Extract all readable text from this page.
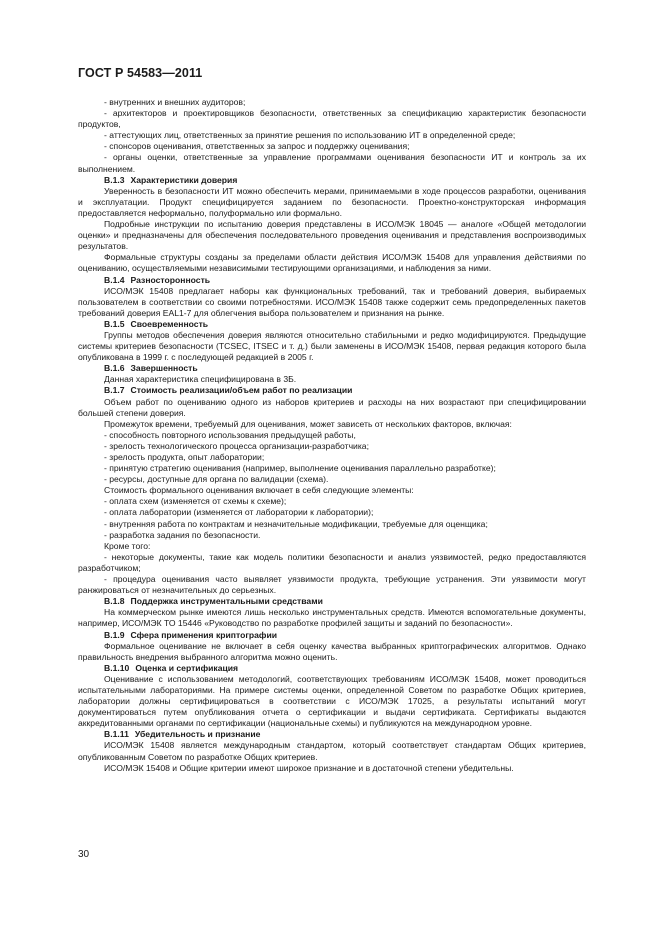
ГОСТ Р 54583—2011
- внутренних и внешних аудиторов;
- архитекторов и проектировщиков безопасности, ответственных за спецификацию характеристик безопасности продуктов,
- аттестующих лиц, ответственных за принятие решения по использованию ИТ в определенной среде;
- спонсоров оценивания, ответственных за запрос и поддержку оценивания;
- органы оценки, ответственные за управление программами оценивания безопасности ИТ и контроль за их выполнением.
B.1.3 Характеристики доверия
Уверенность в безопасности ИТ можно обеспечить мерами, принимаемыми в ходе процессов разработки, оценивания и эксплуатации. Продукт специфицируется заданием по безопасности. Проектно-конструкторская информация предоставляется неформально, полуформально или формально.
Подробные инструкции по испытанию доверия представлены в ИСО/МЭК 18045 — аналоге «Общей методологии оценки» и предназначены для обеспечения последовательного проведения оценивания и представления воспроизводимых результатов.
Формальные структуры созданы за пределами области действия ИСО/МЭК 15408 для управления действиями по оцениванию, осуществляемыми независимыми тестирующими организациями, и наблюдения за ними.
B.1.4 Разносторонность
ИСО/МЭК 15408 предлагает наборы как функциональных требований, так и требований доверия, выбираемых пользователем в соответствии со своими потребностями. ИСО/МЭК 15408 также содержит семь предопределенных пакетов требований доверия EAL1-7 для облегчения выбора пользователем и признания на рынке.
B.1.5 Своевременность
Группы методов обеспечения доверия являются относительно стабильными и редко модифицируются. Предыдущие системы критериев безопасности (TCSEC, ITSEC и т. д.) были заменены в ИСО/МЭК 15408, первая редакция которого была опубликована в 1999 г. с последующей редакцией в 2005 г.
B.1.6 Завершенность
Данная характеристика специфицирована в 3Б.
B.1.7 Стоимость реализации/объем работ по реализации
Объем работ по оцениванию одного из наборов критериев и расходы на них возрастают при специфицировании большей степени доверия.
Промежуток времени, требуемый для оценивания, может зависеть от нескольких факторов, включая:
- способность повторного использования предыдущей работы,
- зрелость технологического процесса организации-разработчика;
- зрелость продукта, опыт лаборатории;
- принятую стратегию оценивания (например, выполнение оценивания параллельно разработке);
- ресурсы, доступные для органа по валидации (схема).
Стоимость формального оценивания включает в себя следующие элементы:
- оплата схем (изменяется от схемы к схеме);
- оплата лаборатории (изменяется от лаборатории к лаборатории);
- внутренняя работа по контрактам и незначительные модификации, требуемые для оценщика;
- разработка задания по безопасности.
Кроме того:
- некоторые документы, такие как модель политики безопасности и анализ уязвимостей, редко предоставляются разработчиком;
- процедура оценивания часто выявляет уязвимости продукта, требующие устранения. Эти уязвимости могут ранжироваться от незначительных до серьезных.
B.1.8 Поддержка инструментальными средствами
На коммерческом рынке имеются лишь несколько инструментальных средств. Имеются вспомогательные документы, например, ИСО/МЭК ТО 15446 «Руководство по разработке профилей защиты и заданий по безопасности».
B.1.9 Сфера применения криптографии
Формальное оценивание не включает в себя оценку качества выбранных криптографических алгоритмов. Однако правильность внедрения выбранного алгоритма можно оценить.
B.1.10 Оценка и сертификация
Оценивание с использованием методологий, соответствующих требованиям ИСО/МЭК 15408, может проводиться испытательными лабораториями. На примере системы оценки, определенной Советом по разработке Общих критериев, лаборатории должны сертифицироваться в соответствии с ИСО/МЭК 17025, а результаты испытаний могут документироваться путем опубликования отчета о сертификации и выдачи сертификата. Сертификаты выдаются аккредитованными органами по сертификации (национальные схемы) и публикуются на международном уровне.
B.1.11 Убедительность и признание
ИСО/МЭК 15408 является международным стандартом, который соответствует стандартам Общих критериев, опубликованным Советом по разработке Общих критериев.
ИСО/МЭК 15408 и Общие критерии имеют широкое признание и в достаточной степени убедительны.
30
